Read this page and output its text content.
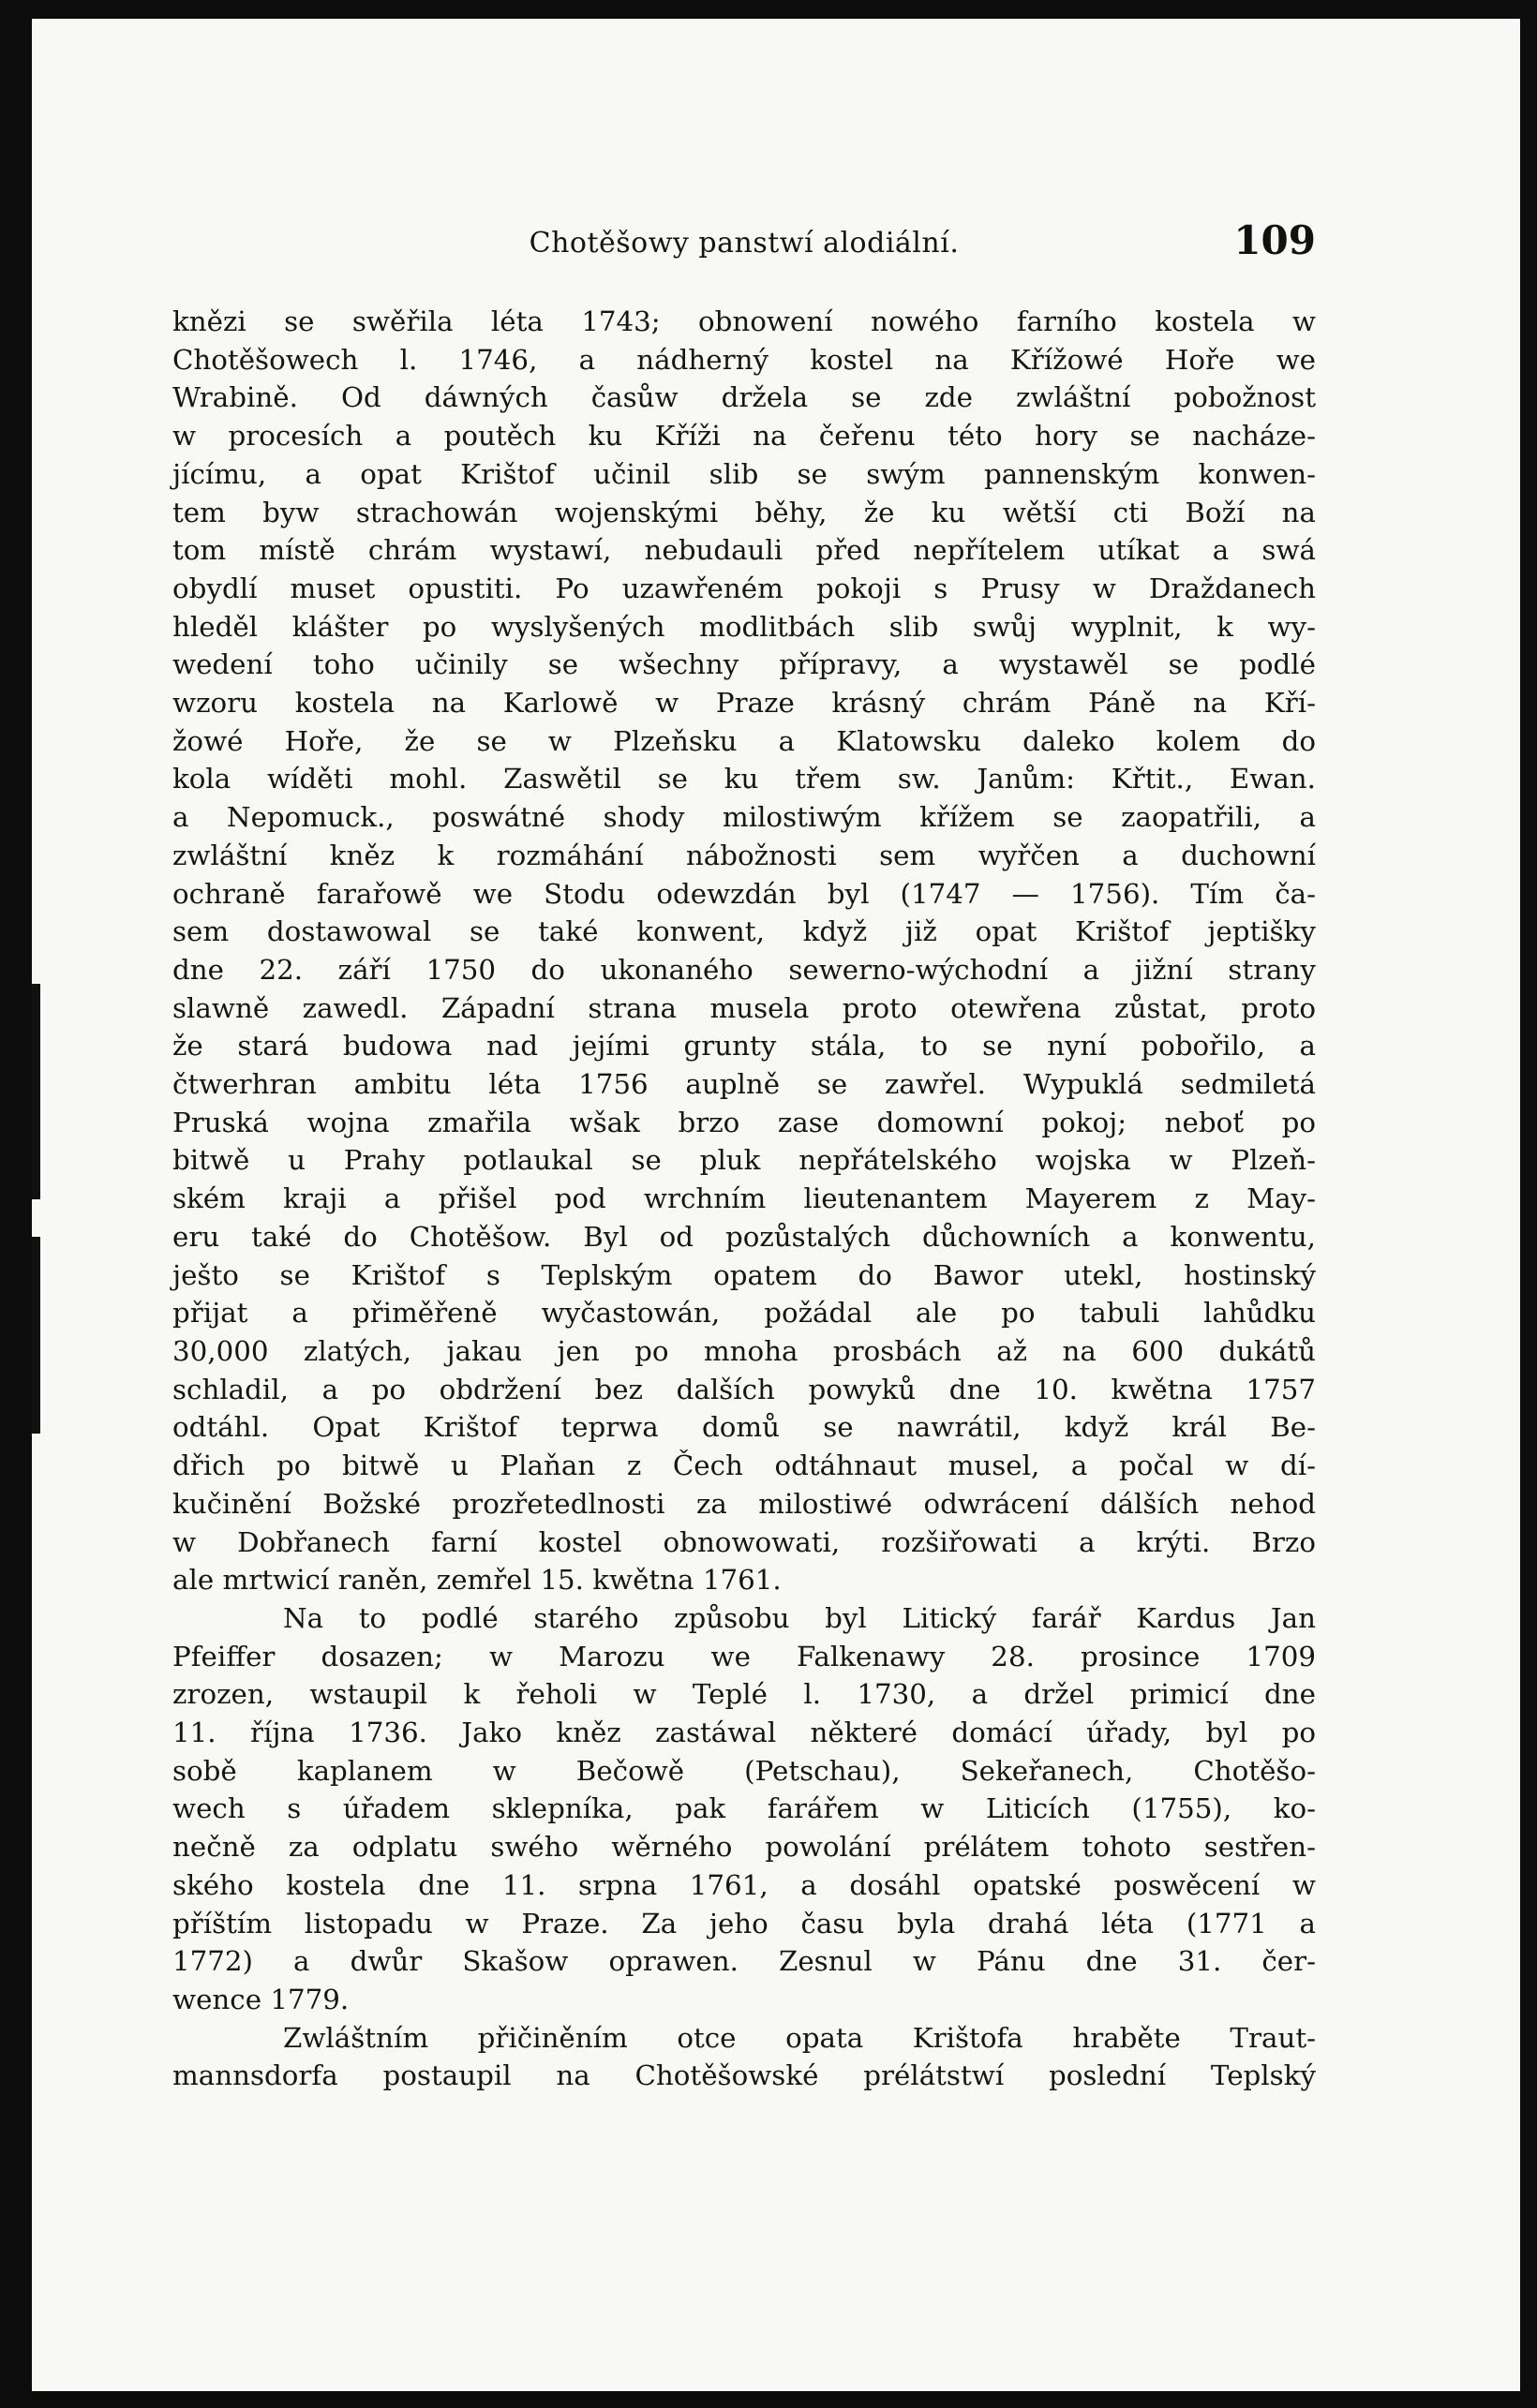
Chotěšowy panstwí alodiální.	109
knězi se swěřila léta 1743; obnowení nowého farního kostela w
Chotěšowech l. 1746, a nádherný kostel na Křížowé Hoře we
Wrabině. Od dáwných časůw držela se zde zwláštní pobožnost
w procesích a poutěch ku Kříži na čeřenu této hory se nacháze-
jícímu, a opat Krištof učinil slib se swým pannenským konwen-
tem byw strachowán wojenskými běhy, že ku wětší cti Boží na
tom místě chrám wystawí, nebudauli před nepřítelem utíkat a swá
obydlí muset opustiti. Po uzawřeném pokoji s Prusy w Draždanech
hleděl klášter po wyslyšených modlitbách slib swůj wyplnit, k wy-
wedení toho učinily se wšechny přípravy, a wystawěl se podlé
wzoru kostela na Karlowě w Praze krásný chrám Páně na Kří-
žowé Hoře, že se w Plzeňsku a Klatowsku daleko kolem do
kola wíděti mohl. Zaswětil se ku třem sw. Janům: Křtit., Ewan.
a Nepomuck., poswátné shody milostiwým křížem se zaopatřili, a
zwláštní kněz k rozmáhání nábožnosti sem wyřčen a duchowní
ochraně farařowě we Stodu odewzdán byl (1747 — 1756). Tím ča-
sem dostawowal se také konwent, když již opat Krištof jeptišky
dne 22. září 1750 do ukonaného sewerno-wýchodní a jižní strany
slawně zawedl. Západní strana musela proto otewřena zůstat, proto
že stará budowa nad jejími grunty stála, to se nyní pobořilo, a
čtwerhran ambitu léta 1756 auplně se zawřel. Wypuklá sedmiletá
Pruská wojna zmařila wšak brzo zase domowní pokoj; neboť po
bitwě u Prahy potlaukal se pluk nepřátelského wojska w Plzeň-
ském kraji a přišel pod wrchním lieutenantem Mayerem z May-
eru také do Chotěšow. Byl od pozůstalých důchowních a konwentu,
ješto se Krištof s Teplským opatem do Bawor utekl, hostinský
přijat a přiměřeně wyčastowán, požádal ale po tabuli lahůdku
30,000 zlatých, jakau jen po mnoha prosbách až na 600 dukátů
schladil, a po obdržení bez dalších powyků dne 10. kwětna 1757
odtáhl. Opat Krištof teprwa domů se nawrátil, když král Be-
dřich po bitwě u Plaňan z Čech odtáhnaut musel, a počal w dí-
kučinění Božské prozřetedlnosti za milostiwé odwrácení dálších nehod
w Dobřanech farní kostel obnowowati, rozšiřowati a krýti. Brzo
ale mrtwicí raněn, zemřel 15. kwětna 1761.
Na to podlé starého způsobu byl Litický farář Kardus Jan
Pfeiffer dosazen; w Marozu we Falkenawy 28. prosince 1709
zrozen, wstaupil k řeholi w Teplé l. 1730, a držel primicí dne
11. října 1736. Jako kněz zastáwal některé domácí úřady, byl po
sobě kaplanem w Bečowě (Petschau), Sekeřanech, Chotěšo-
wech s úřadem sklepníka, pak farářem w Liticích (1755), ko-
nečně za odplatu swého wěrného powolání prélátem tohoto sestřen-
ského kostela dne 11. srpna 1761, a dosáhl opatské poswěcení w
příštím listopadu w Praze. Za jeho času byla drahá léta (1771 a
1772) a dwůr Skašow oprawen. Zesnul w Pánu dne 31. čer-
wence 1779.
Zwláštním přičiněním otce opata Krištofa hraběte Traut-
mannsdorfa postaupil na Chotěšowské prélátstwí poslední Teplský
